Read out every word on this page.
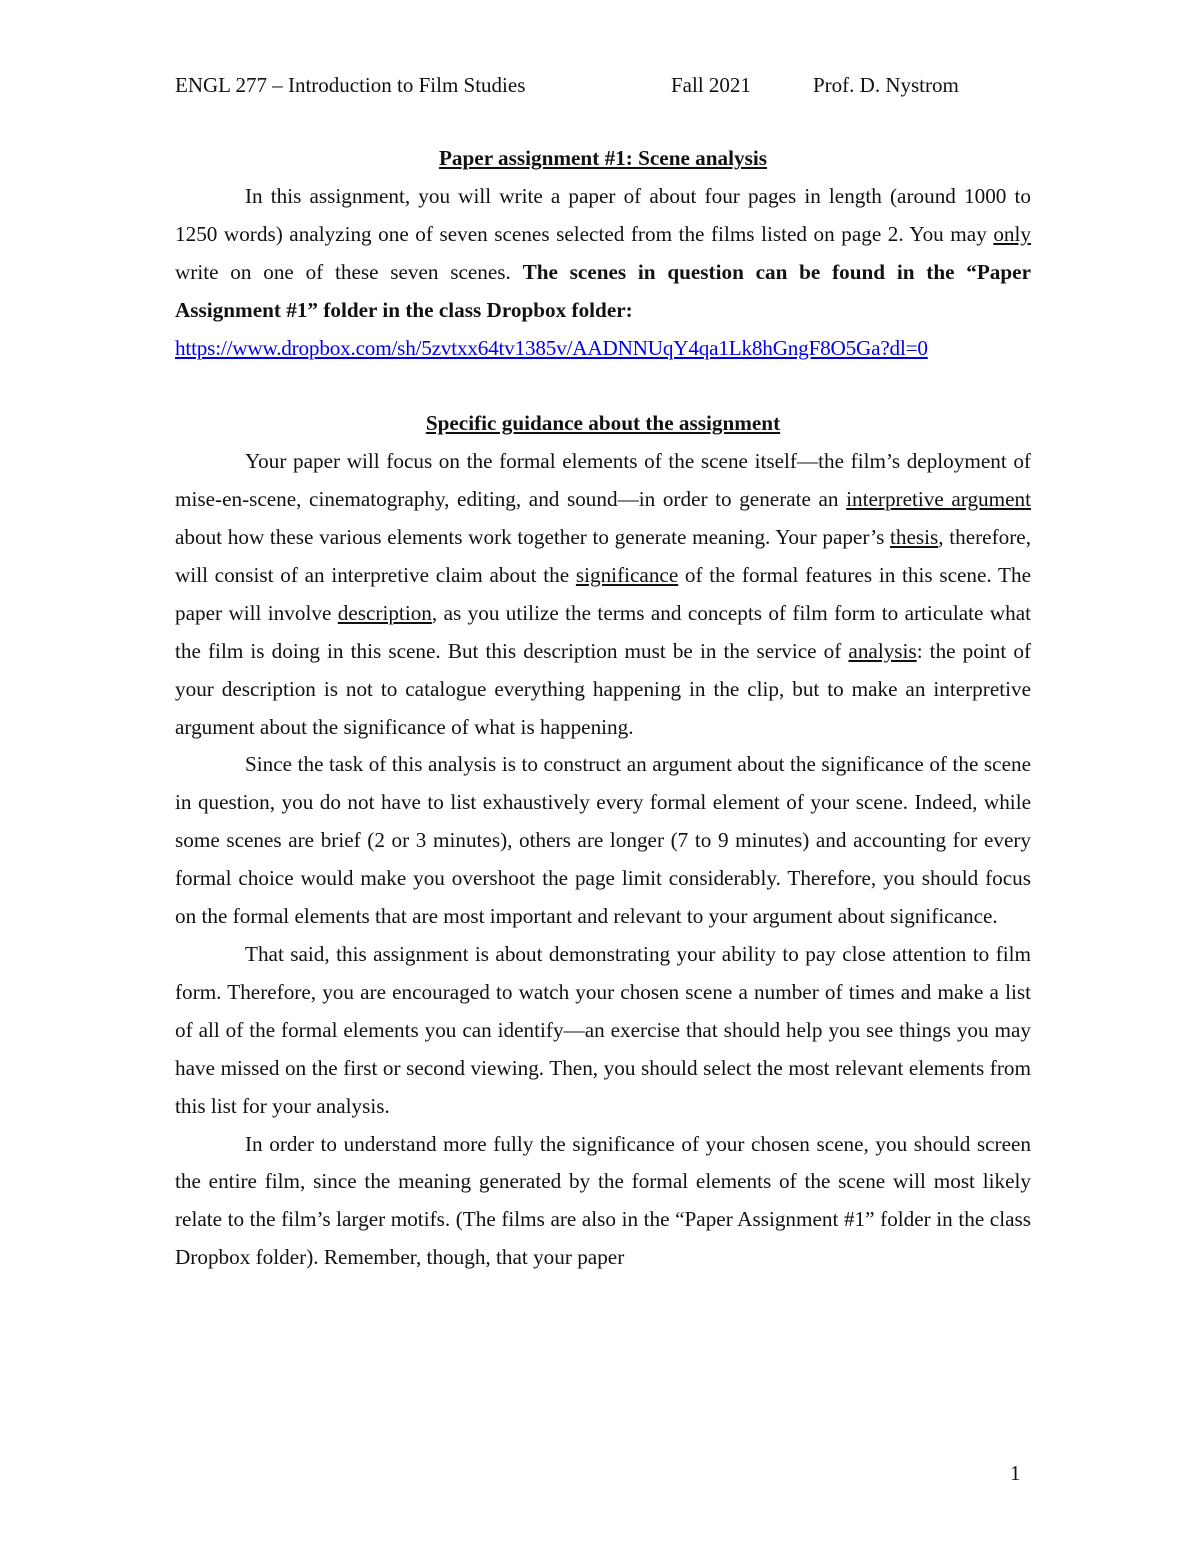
ENGL 277 – Introduction to Film Studies	Fall 2021	Prof. D. Nystrom
Paper assignment #1: Scene analysis
In this assignment, you will write a paper of about four pages in length (around 1000 to 1250 words) analyzing one of seven scenes selected from the films listed on page 2. You may only write on one of these seven scenes. The scenes in question can be found in the “Paper Assignment #1” folder in the class Dropbox folder:
https://www.dropbox.com/sh/5zvtxx64tv1385v/AADNNUqY4qa1Lk8hGngF8O5Ga?dl=0
Specific guidance about the assignment
Your paper will focus on the formal elements of the scene itself—the film’s deployment of mise-en-scene, cinematography, editing, and sound—in order to generate an interpretive argument about how these various elements work together to generate meaning. Your paper’s thesis, therefore, will consist of an interpretive claim about the significance of the formal features in this scene. The paper will involve description, as you utilize the terms and concepts of film form to articulate what the film is doing in this scene. But this description must be in the service of analysis: the point of your description is not to catalogue everything happening in the clip, but to make an interpretive argument about the significance of what is happening.
Since the task of this analysis is to construct an argument about the significance of the scene in question, you do not have to list exhaustively every formal element of your scene. Indeed, while some scenes are brief (2 or 3 minutes), others are longer (7 to 9 minutes) and accounting for every formal choice would make you overshoot the page limit considerably. Therefore, you should focus on the formal elements that are most important and relevant to your argument about significance.
That said, this assignment is about demonstrating your ability to pay close attention to film form. Therefore, you are encouraged to watch your chosen scene a number of times and make a list of all of the formal elements you can identify—an exercise that should help you see things you may have missed on the first or second viewing. Then, you should select the most relevant elements from this list for your analysis.
In order to understand more fully the significance of your chosen scene, you should screen the entire film, since the meaning generated by the formal elements of the scene will most likely relate to the film’s larger motifs. (The films are also in the “Paper Assignment #1” folder in the class Dropbox folder). Remember, though, that your paper
1
